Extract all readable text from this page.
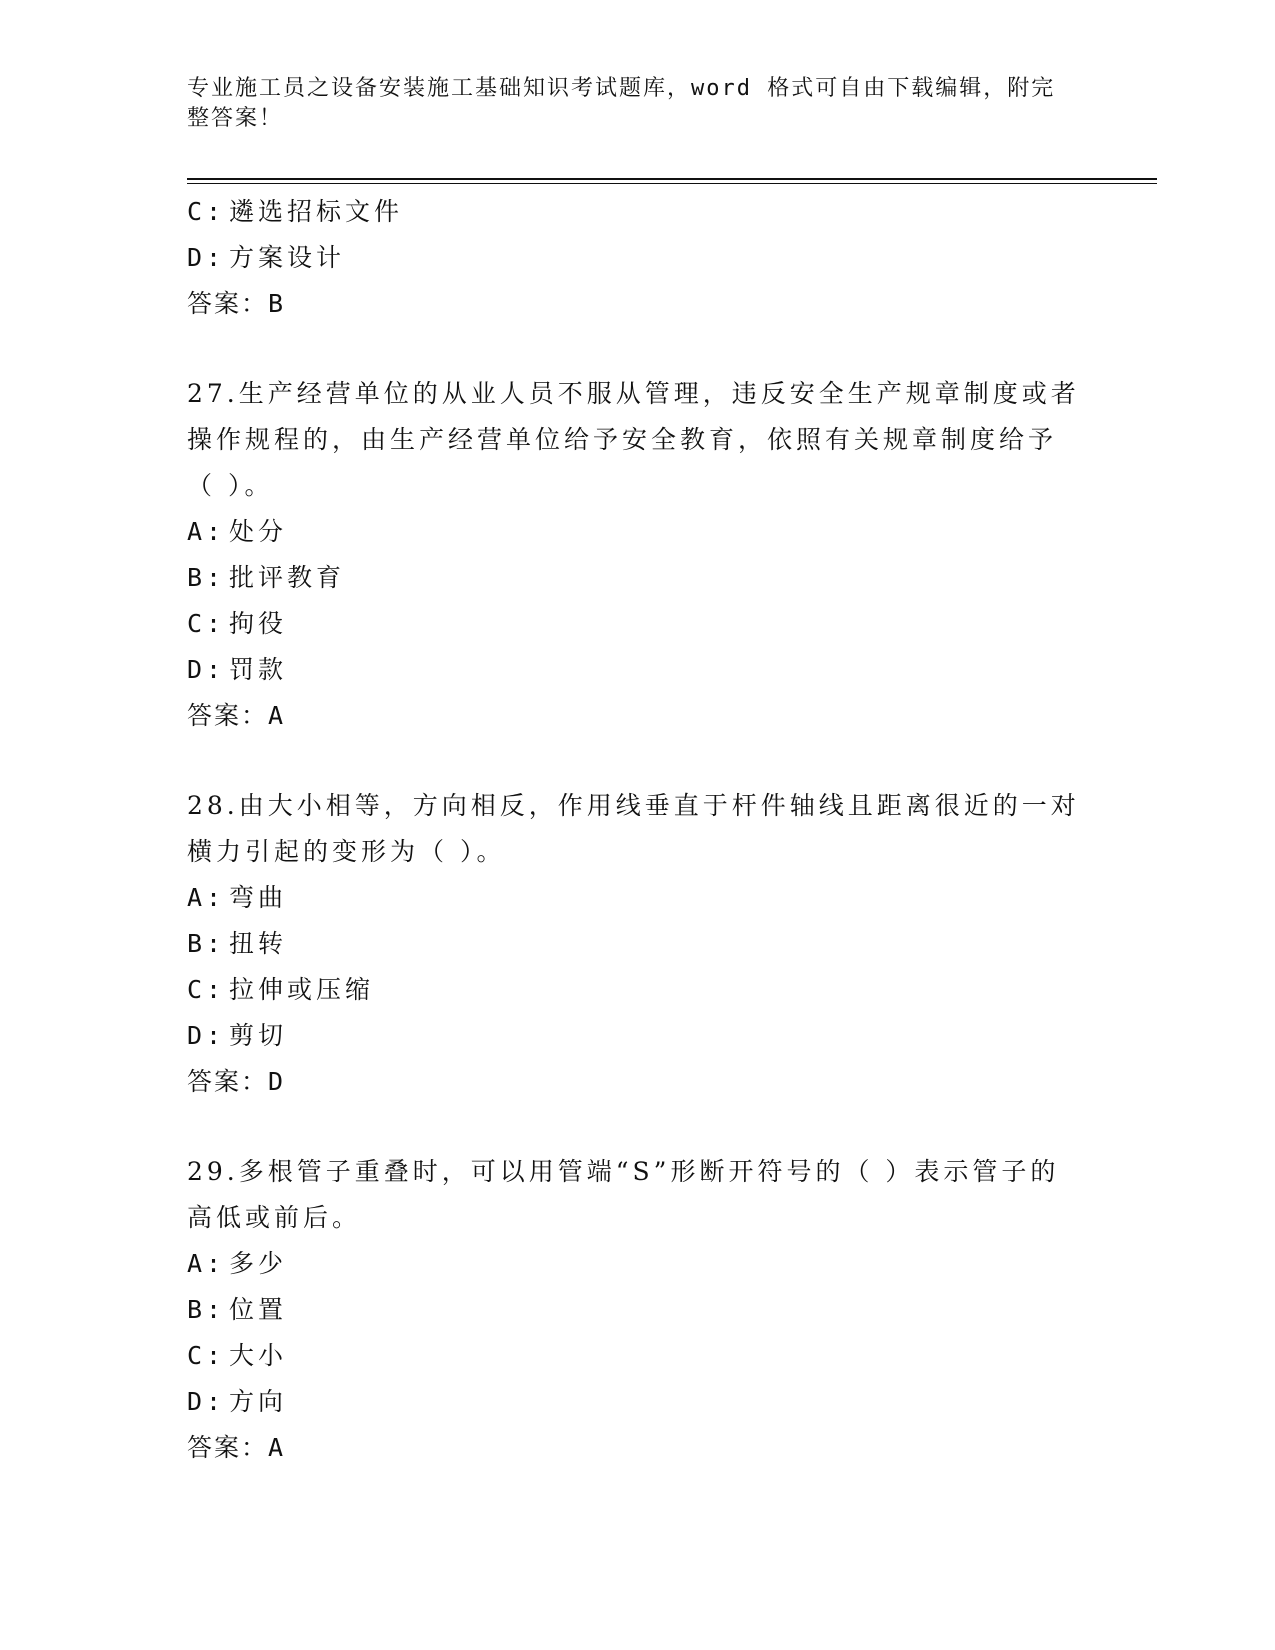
专业施工员之设备安装施工基础知识考试题库，word 格式可自由下载编辑，附完整答案！
C: 遴选招标文件
D: 方案设计
答案：B
27.生产经营单位的从业人员不服从管理，违反安全生产规章制度或者
操作规程的，由生产经营单位给予安全教育，依照有关规章制度给予
（ ）。
A: 处分
B: 批评教育
C: 拘役
D: 罚款
答案：A
28.由大小相等，方向相反，作用线垂直于杆件轴线且距离很近的一对
横力引起的变形为（ ）。
A: 弯曲
B: 扭转
C: 拉伸或压缩
D: 剪切
答案：D
29.多根管子重叠时，可以用管端“S”形断开符号的（ ）表示管子的
高低或前后。
A: 多少
B: 位置
C: 大小
D: 方向
答案：A
